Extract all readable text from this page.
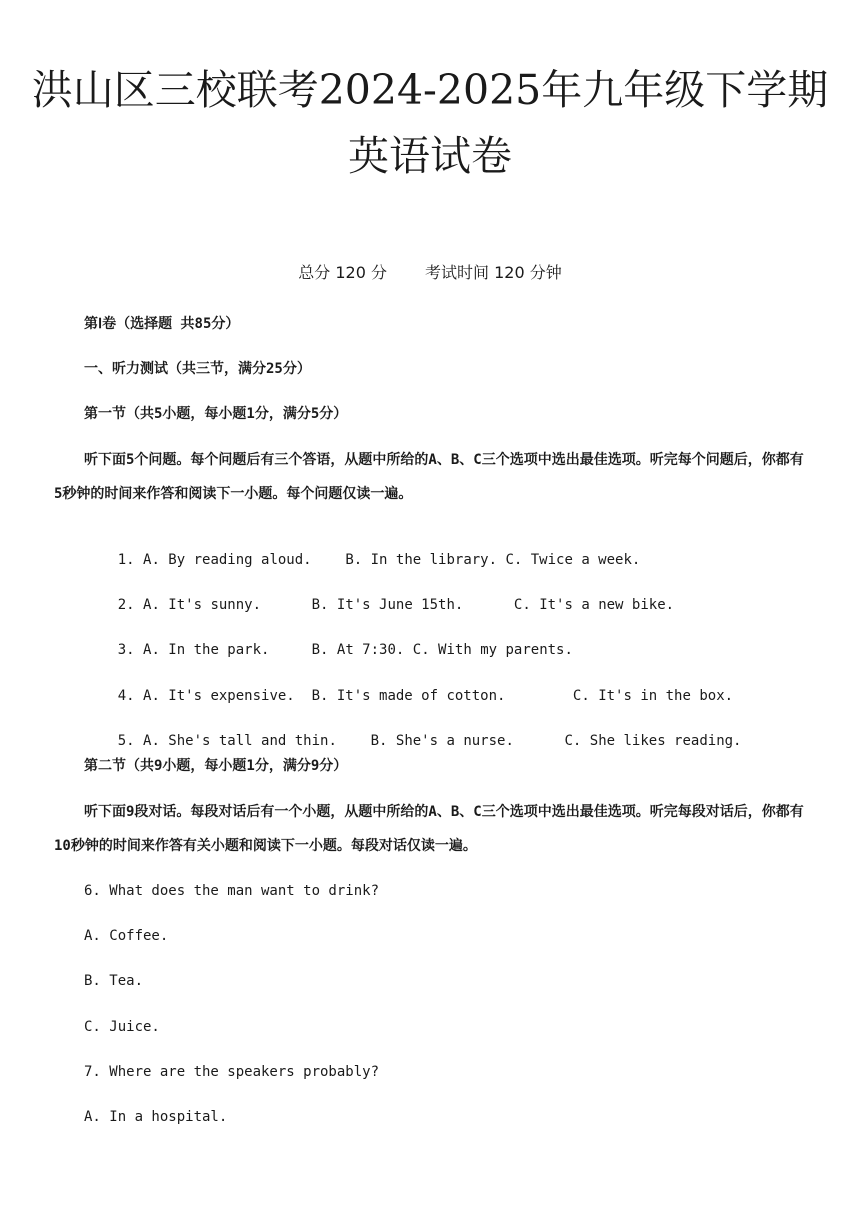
洪山区三校联考2024-2025年九年级下学期
英语试卷
总分 120 分 考试时间 120 分钟
第Ⅰ卷（选择题 共85分）
一、听力测试（共三节，满分25分）
第一节（共5小题，每小题1分，满分5分）
听下面5个问题。每个问题后有三个答语，从题中所给的A、B、C三个选项中选出最佳选项。听完每个问题后，你都有5秒钟的时间来作答和阅读下一小题。每个问题仅读一遍。

1. A. By reading aloud. B. In the library. C. Twice a week.

2. A. It's sunny.	B. It's June 15th.	C. It's a new bike.

3. A. In the park.	B. At 7:30. C. With my parents.

4. A. It's expensive. B. It's made of cotton.	C. It's in the box.

5. A. She's tall and thin. B. She's a nurse.	C. She likes reading.

第二节（共9小题，每小题1分，满分9分）
听下面9段对话。每段对话后有一个小题，从题中所给的A、B、C三个选项中选出最佳选项。听完每段对话后，你都有10秒钟的时间来作答有关小题和阅读下一小题。每段对话仅读一遍。
6. What does the man want to drink?
A. Coffee.
B. Tea.
C. Juice.
7. Where are the speakers probably?
A. In a hospital.
